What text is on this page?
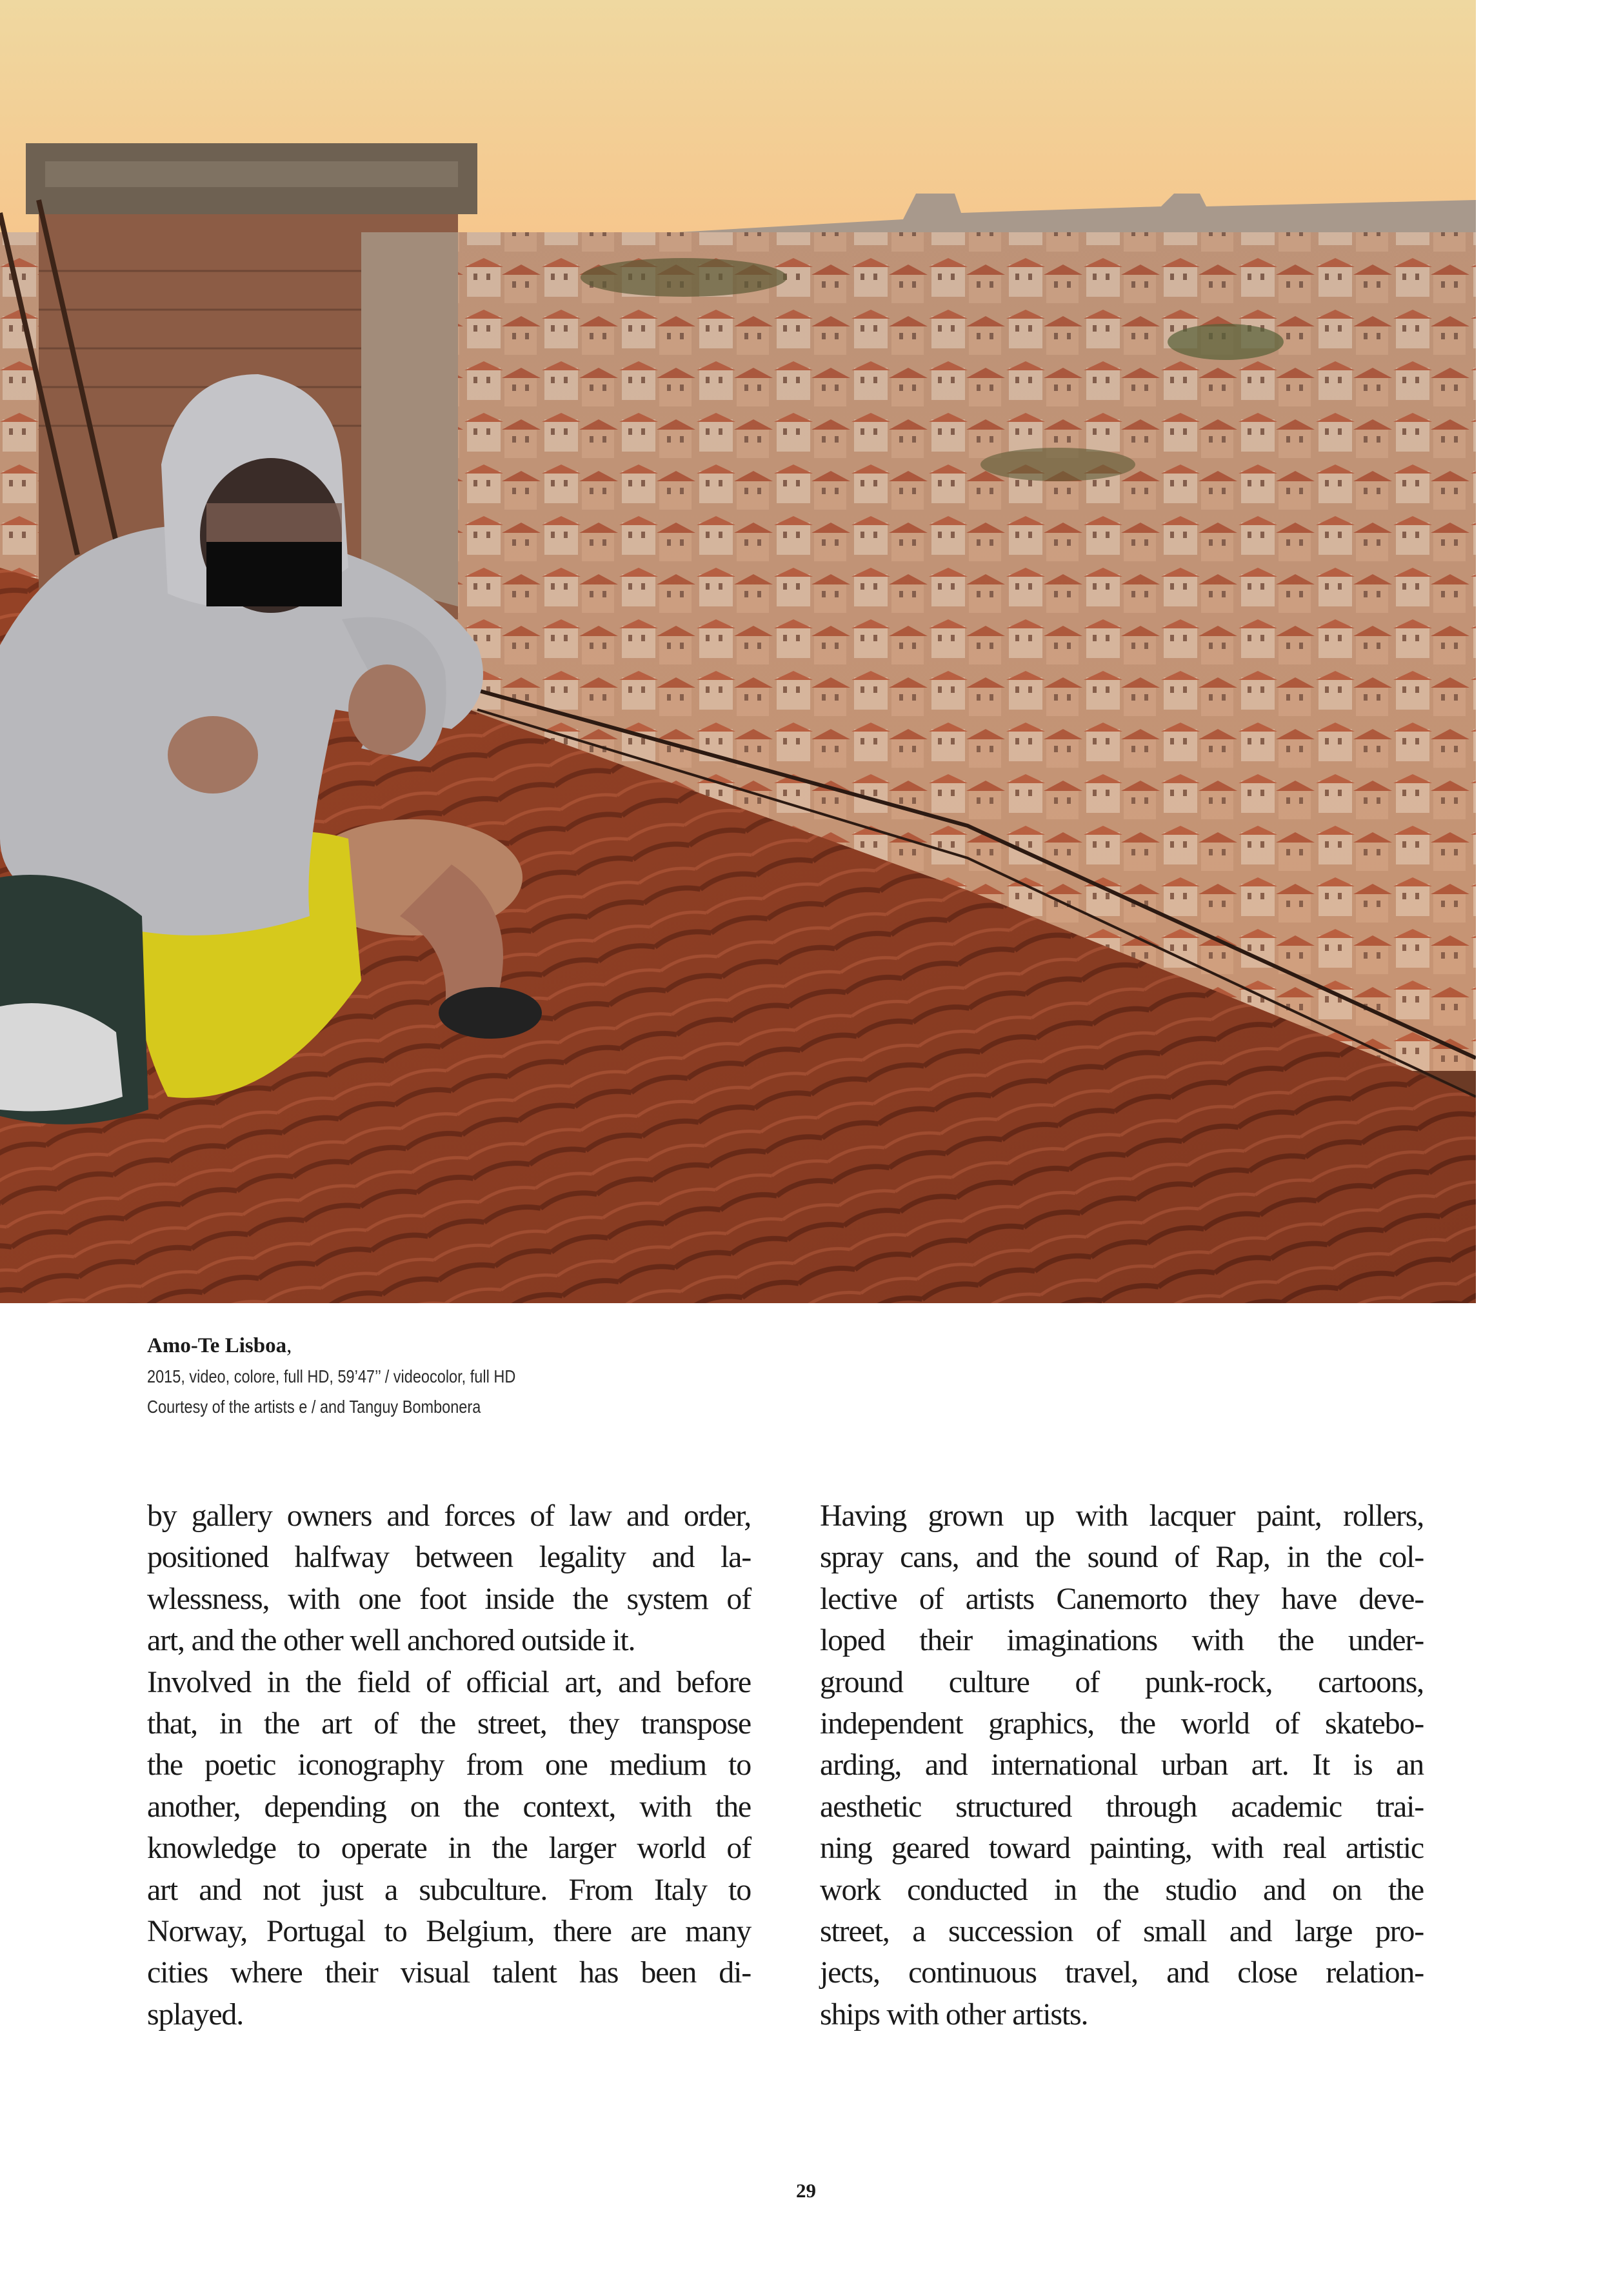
Amo-Te Lisboa,
2015, video, colore, full HD, 59’47’’ / videocolor, full HD
Courtesy of the artists e / and Tanguy Bombonera
by gallery owners and forces of law and order,
positioned halfway between legality and la-
wlessness, with one foot inside the system of
art, and the other well anchored outside it.
Involved in the field of official art, and before
that, in the art of the street, they transpose
the poetic iconography from one medium to
another, depending on the context, with the
knowledge to operate in the larger world of
art and not just a subculture. From Italy to
Norway, Portugal to Belgium, there are many
cities where their visual talent has been di-
splayed.
Having grown up with lacquer paint, rollers,
spray cans, and the sound of Rap, in the col-
lective of artists Canemorto they have deve-
loped their imaginations with the under-
ground culture of punk-rock, cartoons,
independent graphics, the world of skatebo-
arding, and international urban art. It is an
aesthetic structured through academic trai-
ning geared toward painting, with real artistic
work conducted in the studio and on the
street, a succession of small and large pro-
jects, continuous travel, and close relation-
ships with other artists.
29
